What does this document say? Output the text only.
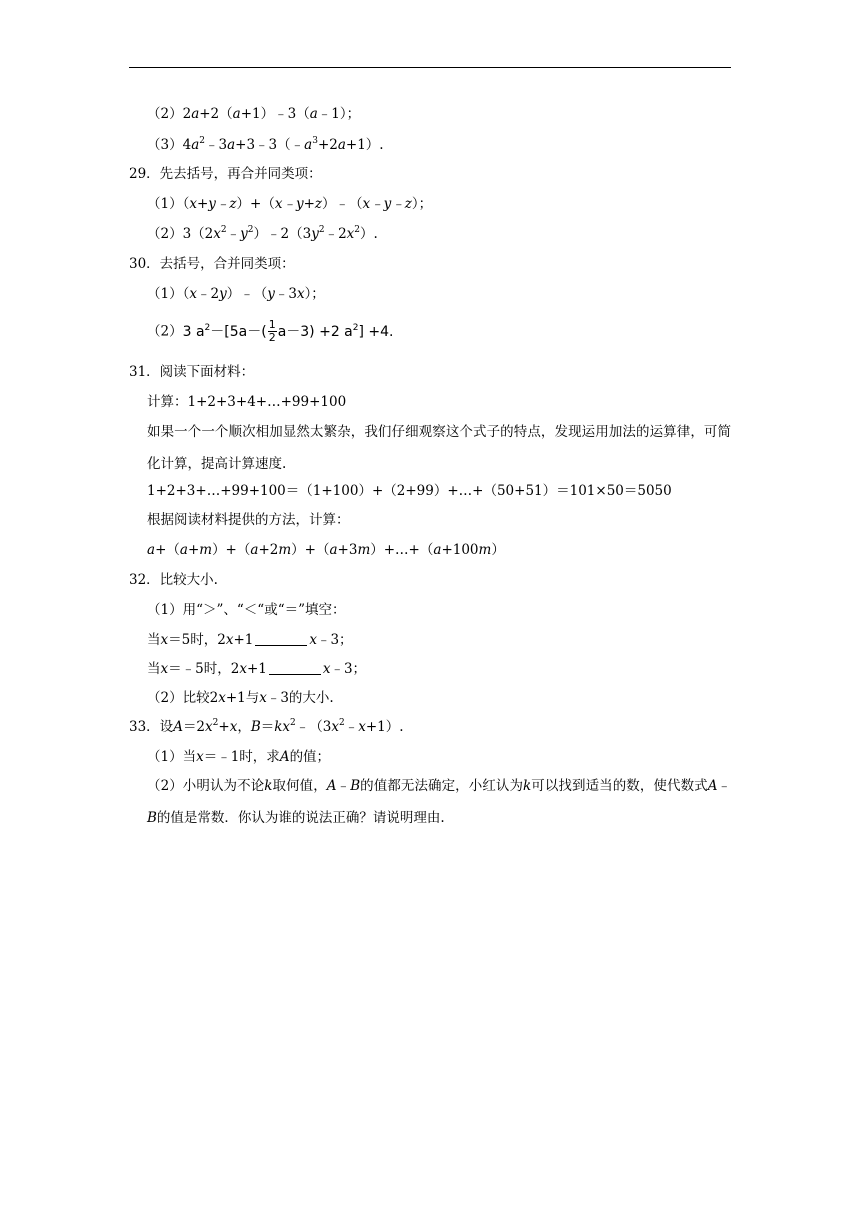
（2）2a+2（a+1）﹣3（a﹣1）；
$(3)4a^2﹣3a+3﹣3(﹣a^3+2a+1)$.
29．先去括号，再合并同类项：
（1）（x+y﹣z）+（x﹣y+z）﹣（x﹣y﹣z）；
$(2)3(2x^2﹣y^2)﹣2(3y^2﹣2x^2)$.
30．去括号，合并同类项：
（1）（x﹣2y）﹣（y﹣3x）；
（2）3 $a^2-[5a-( \frac{1}{2} a-3) +2$ $a^2] +4$.
31．阅读下面材料：
计算：1+2+3+4+…+99+100
如果一个一个顺次相加显然太繁杂，我们仔细观察这个式子的特点，发现运用加法的运算律，可简化计算，提高计算速度.
1+2+3+…+99+100＝（1+100）+（2+99）+…+（50+51）＝101×50＝5050
根据阅读材料提供的方法，计算：
a+（a+m）+（a+2m）+（a+3m）+…+（a+100m）
32．比较大小.
（1）用“＞”、“＜“或“＝”填空：
当x＝5时，2x+1	x﹣3；
当x＝﹣5时，2x+1	x﹣3；
（2）比较2x+1与x﹣3的大小.
33．设$A=2x^2+x$，$B=kx^2﹣(3x^2﹣x+1)$.
（1）当x＝﹣1时，求A的值；
（2）小明认为不论k取何值，A﹣B的值都无法确定，小红认为k可以找到适当的数，使代数式A﹣B的值是常数．你认为谁的说法正确？请说明理由.
